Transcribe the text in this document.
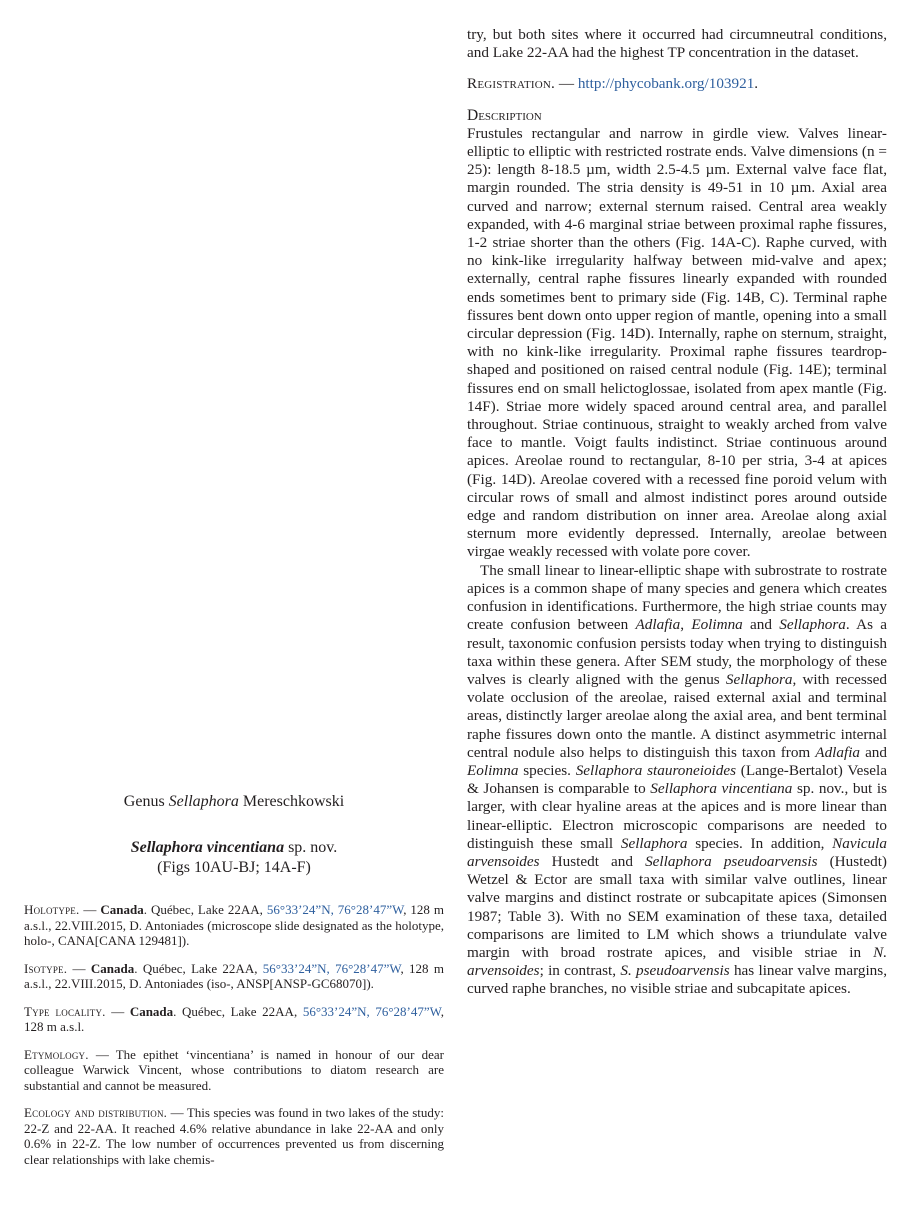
Genus Sellaphora Mereschkowski

Sellaphora vincentiana sp. nov.
(Figs 10AU-BJ; 14A-F)

Holotype. — Canada. Québec, Lake 22AA, 56°33’24”N, 76°28’47”W, 128 m a.s.l., 22.VIII.2015, D. Antoniades (microscope slide designated as the holotype, holo-, CANA[CANA 129481]).

Isotype. — Canada. Québec, Lake 22AA, 56°33’24”N, 76°28’47”W, 128 m a.s.l., 22.VIII.2015, D. Antoniades (iso-, ANSP[ANSP-GC68070]).

Type locality. — Canada. Québec, Lake 22AA, 56°33’24”N, 76°28’47”W, 128 m a.s.l.

Etymology. — The epithet ‘vincentiana’ is named in honour of our dear colleague Warwick Vincent, whose contributions to diatom research are substantial and cannot be measured.

Ecology and distribution. — This species was found in two lakes of the study: 22-Z and 22-AA. It reached 4.6% relative abundance in lake 22-AA and only 0.6% in 22-Z. The low number of occurrences prevented us from discerning clear relationships with lake chemis-

try, but both sites where it occurred had circumneutral conditions, and Lake 22-AA had the highest TP concentration in the dataset.

Registration. — http://phycobank.org/103921.

Description

Frustules rectangular and narrow in girdle view. Valves linear-elliptic to elliptic with restricted rostrate ends. Valve dimensions (n = 25): length 8-18.5 µm, width 2.5-4.5 µm. External valve face flat, margin rounded. The stria density is 49-51 in 10 µm. Axial area curved and narrow; external sternum raised. Central area weakly expanded, with 4-6 marginal striae between proximal raphe fissures, 1-2 striae shorter than the others (Fig. 14A-C). Raphe curved, with no kink-like irregularity halfway between mid-valve and apex; externally, central raphe fissures linearly expanded with rounded ends sometimes bent to primary side (Fig. 14B, C). Terminal raphe fissures bent down onto upper region of mantle, opening into a small circular depression (Fig. 14D). Internally, raphe on sternum, straight, with no kink-like irregularity. Proximal raphe fissures teardrop-shaped and positioned on raised central nodule (Fig. 14E); terminal fissures end on small helictoglossae, isolated from apex mantle (Fig. 14F). Striae more widely spaced around central area, and parallel throughout. Striae continuous, straight to weakly arched from valve face to mantle. Voigt faults indistinct. Striae continuous around apices. Areolae round to rectangular, 8-10 per stria, 3-4 at apices (Fig. 14D). Areolae covered with a recessed fine poroid velum with circular rows of small and almost indistinct pores around outside edge and random distribution on inner area. Areolae along axial sternum more evidently depressed. Internally, areolae between virgae weakly recessed with volate pore cover.

The small linear to linear-elliptic shape with subrostrate to rostrate apices is a common shape of many species and genera which creates confusion in identifications. Furthermore, the high striae counts may create confusion between Adlafia, Eolimna and Sellaphora. As a result, taxonomic confusion persists today when trying to distinguish taxa within these genera. After SEM study, the morphology of these valves is clearly aligned with the genus Sellaphora, with recessed volate occlusion of the areolae, raised external axial and terminal areas, distinctly larger areolae along the axial area, and bent terminal raphe fissures down onto the mantle. A distinct asymmetric internal central nodule also helps to distinguish this taxon from Adlafia and Eolimna species. Sellaphora stauroneioides (Lange-Bertalot) Vesela & Johansen is comparable to Sellaphora vincentiana sp. nov., but is larger, with clear hyaline areas at the apices and is more linear than linear-elliptic. Electron microscopic comparisons are needed to distinguish these small Sellaphora species. In addition, Navicula arvensoides Hustedt and Sellaphora pseudoarvensis (Hustedt) Wetzel & Ector are small taxa with similar valve outlines, linear valve margins and distinct rostrate or subcapitate apices (Simonsen 1987; Table 3). With no SEM examination of these taxa, detailed comparisons are limited to LM which shows a triundulate valve margin with broad rostrate apices, and visible striae in N. arvensoides; in contrast, S. pseudoarvensis has linear valve margins, curved raphe branches, no visible striae and subcapitate apices.
